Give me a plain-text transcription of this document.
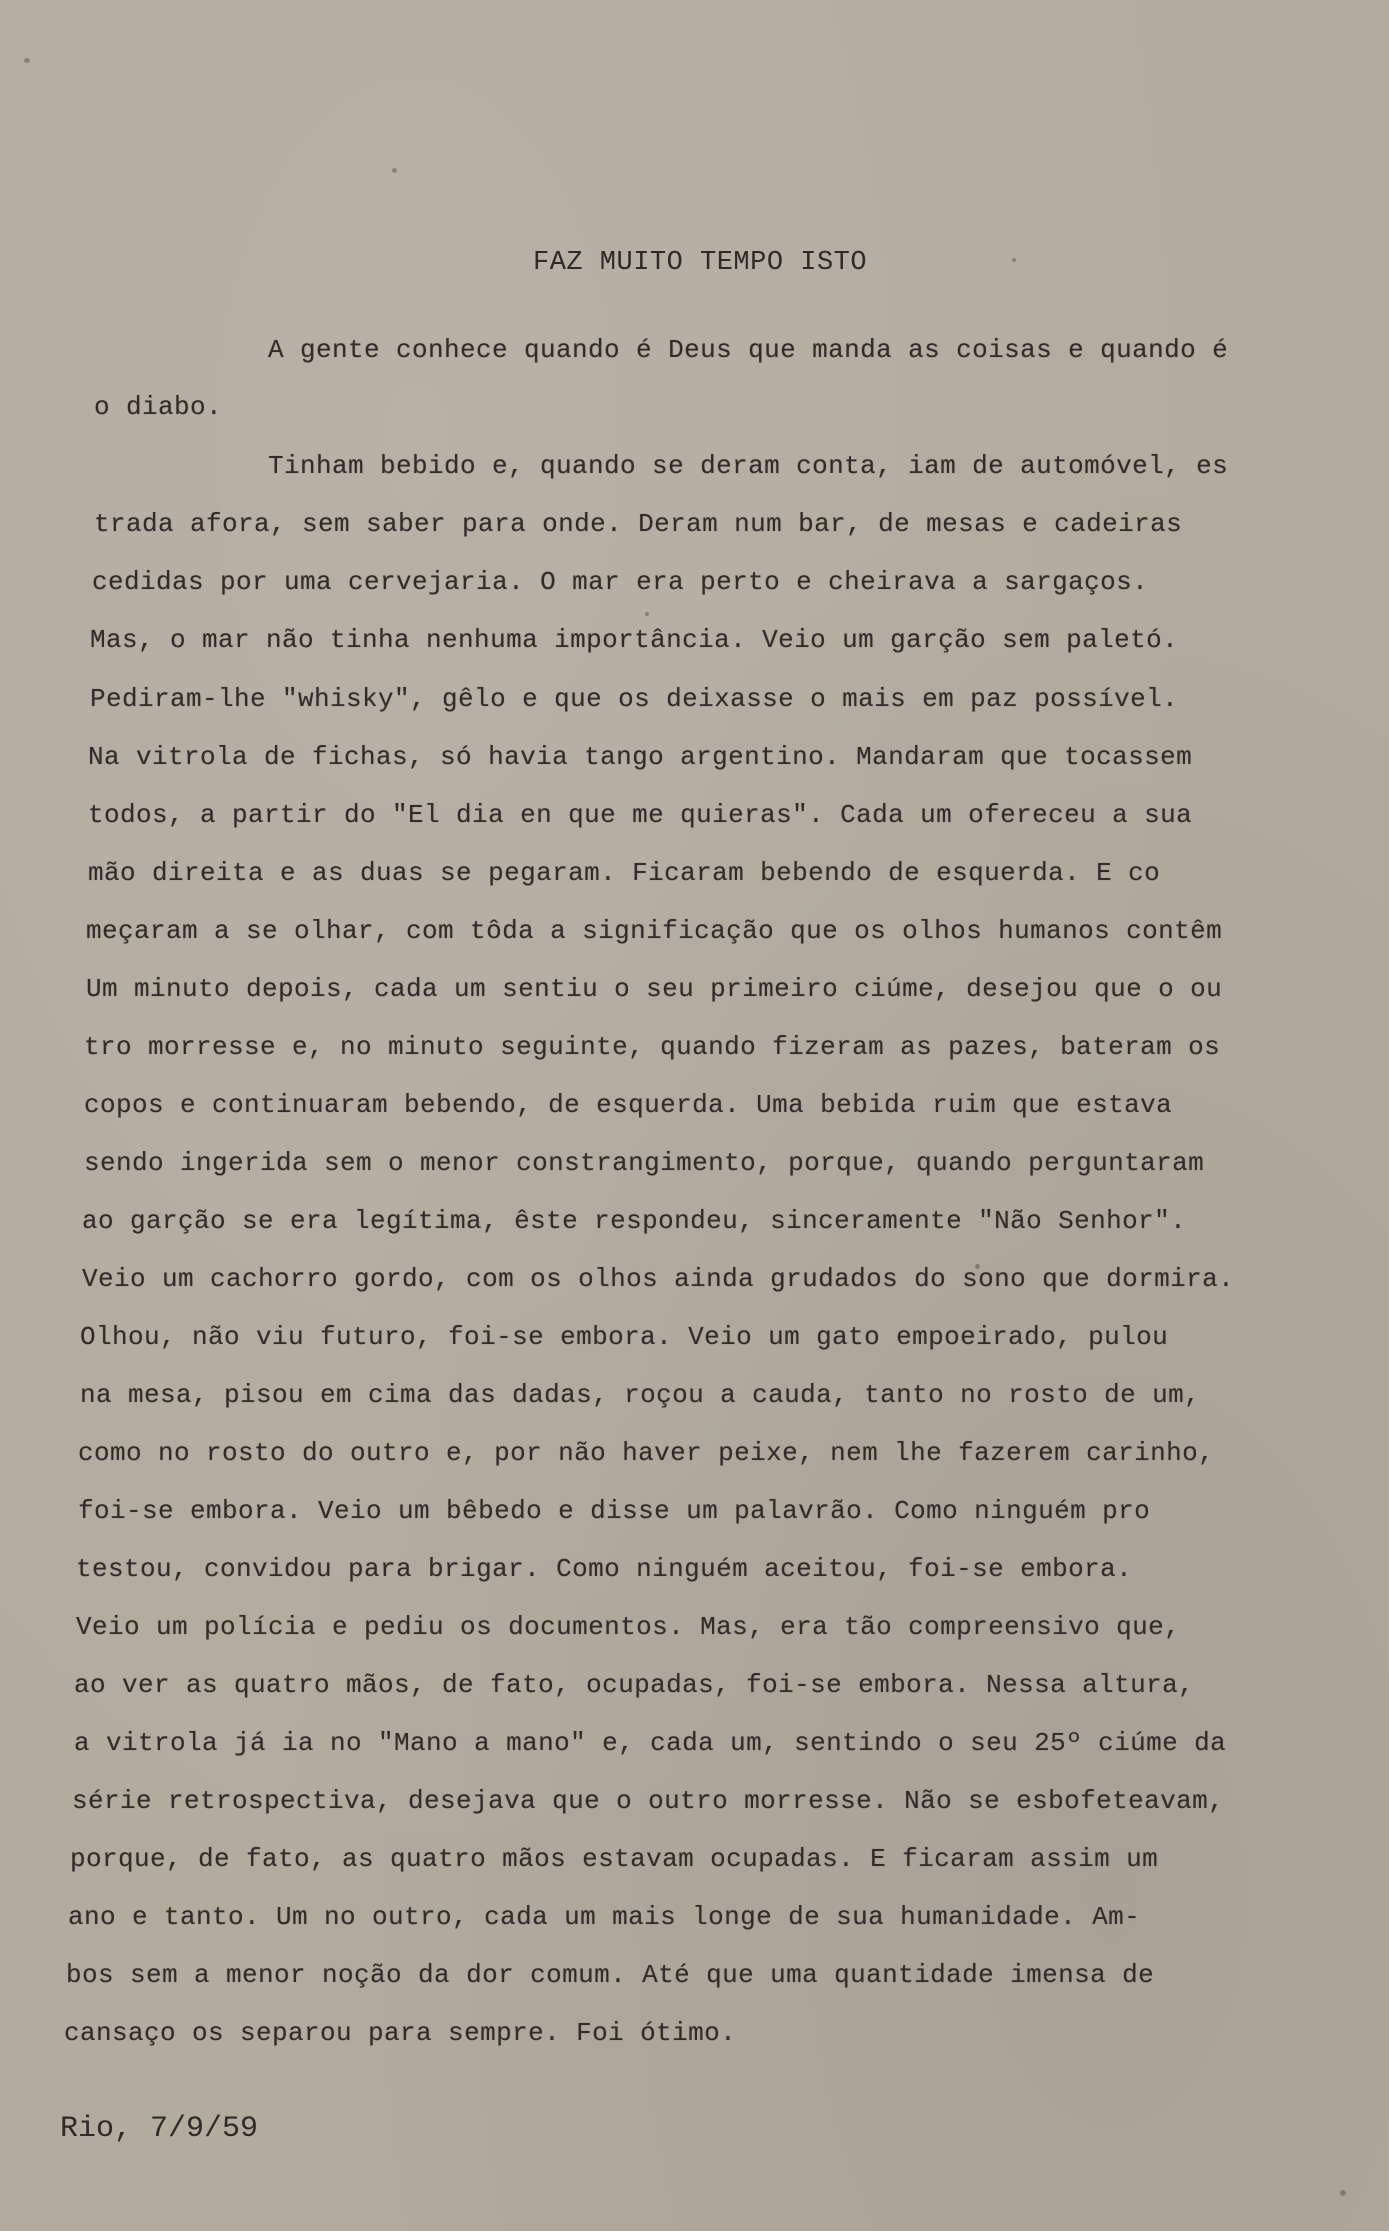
FAZ MUITO TEMPO ISTO
A gente conhece quando é Deus que manda as coisas e quando é
o diabo.
Tinham bebido e, quando se deram conta, iam de automóvel, es
trada afora, sem saber para onde. Deram num bar, de mesas e cadeiras
cedidas por uma cervejaria. O mar era perto e cheirava a sargaços.
Mas, o mar não tinha nenhuma importância. Veio um garção sem paletó.
Pediram-lhe "whisky", gêlo e que os deixasse o mais em paz possível.
Na vitrola de fichas, só havia tango argentino. Mandaram que tocassem
todos, a partir do "El dia en que me quieras". Cada um ofereceu a sua
mão direita e as duas se pegaram. Ficaram bebendo de esquerda. E co
meçaram a se olhar, com tôda a significação que os olhos humanos contêm
Um minuto depois, cada um sentiu o seu primeiro ciúme, desejou que o ou
tro morresse e, no minuto seguinte, quando fizeram as pazes, bateram os
copos e continuaram bebendo, de esquerda. Uma bebida ruim que estava
sendo ingerida sem o menor constrangimento, porque, quando perguntaram
ao garção se era legítima, êste respondeu, sinceramente "Não Senhor".
Veio um cachorro gordo, com os olhos ainda grudados do sono que dormira.
Olhou, não viu futuro, foi-se embora. Veio um gato empoeirado, pulou
na mesa, pisou em cima das dadas, roçou a cauda, tanto no rosto de um,
como no rosto do outro e, por não haver peixe, nem lhe fazerem carinho,
foi-se embora. Veio um bêbedo e disse um palavrão. Como ninguém pro
testou, convidou para brigar. Como ninguém aceitou, foi-se embora.
Veio um polícia e pediu os documentos. Mas, era tão compreensivo que,
ao ver as quatro mãos, de fato, ocupadas, foi-se embora. Nessa altura,
a vitrola já ia no "Mano a mano" e, cada um, sentindo o seu 25º ciúme da
série retrospectiva, desejava que o outro morresse. Não se esbofeteavam,
porque, de fato, as quatro mãos estavam ocupadas. E ficaram assim um
ano e tanto. Um no outro, cada um mais longe de sua humanidade. Am-
bos sem a menor noção da dor comum. Até que uma quantidade imensa de
cansaço os separou para sempre. Foi ótimo.
Rio, 7/9/59
